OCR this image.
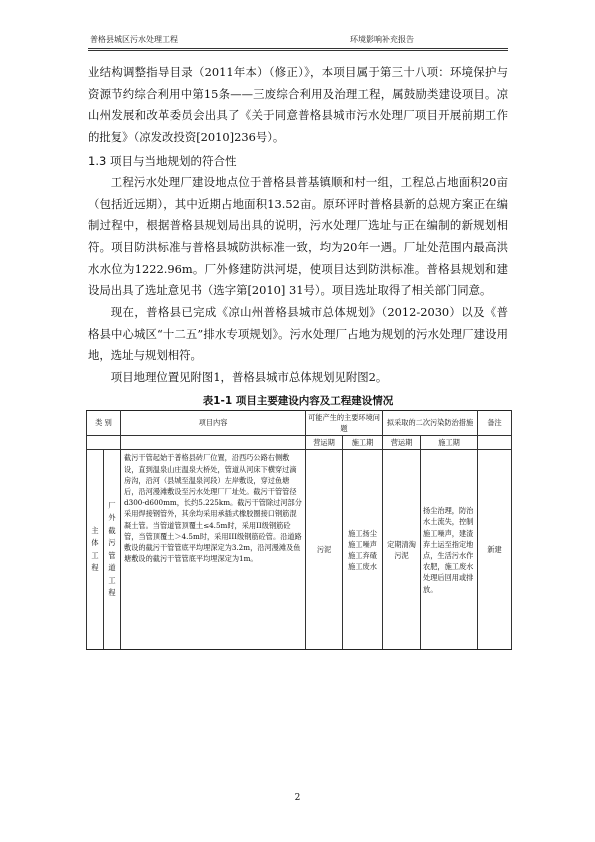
普格县城区污水处理工程	环境影响补充报告

业结构调整指导目录（2011年本）（修正）》，本项目属于第三十八项：环境保护与资源节约综合利用中第15条——三废综合利用及治理工程，属鼓励类建设项目。凉山州发展和改革委员会出具了《关于同意普格县城市污水处理厂项目开展前期工作的批复》（凉发改投资[2010]236号）。

1.3 项目与当地规划的符合性

工程污水处理厂建设地点位于普格县普基镇顺和村一组，工程总占地面积20亩（包括近远期），其中近期占地面积13.52亩。原环评时普格县新的总规方案正在编制过程中，根据普格县规划局出具的说明，污水处理厂选址与正在编制的新规划相符。项目防洪标准与普格县城防洪标准一致，均为20年一遇。厂址处范围内最高洪水水位为1222.96m。厂外修建防洪河堤，使项目达到防洪标准。普格县规划和建设局出具了选址意见书（选字第[2010] 31号）。项目选址取得了相关部门同意。

现在，普格县已完成《凉山州普格县城市总体规划》（2012-2030）以及《普格县中心城区“十二五”排水专项规划》。污水处理厂占地为规划的污水处理厂建设用地，选址与规划相符。

项目地理位置见附图1，普格县城市总体规划见附图2。

表1-1 项目主要建设内容及工程建设情况
类 别		项目内容	可能产生的主要环境问题		拟采取的二次污染防治措施		备注

			营运期	施工期	营运期	施工期	
主体工程	厂外截污管道工程	截污干管起始于普格县砖厂位置，沿西巧公路右侧敷设，直到温泉山庄温泉大桥处，管道从河床下横穿过滴房沟，沿河（县城至温泉河段）左岸敷设，穿过鱼塘后，沿河漫滩敷设至污水处理厂厂址处。截污干管管径d300-d600mm，长约5.225km。截污干管除过河部分采用焊接钢管外，其余均采用承插式橡胶圈接口钢筋混凝土管。当管道管顶覆土≤4.5m时，采用II级钢筋砼管，当管顶覆土＞4.5m时，采用III级钢筋砼管。沿道路敷设的截污干管管底平均埋深定为3.2m，沿河漫滩及鱼塘敷设的截污干管管底平均埋深定为1m。	污泥	施工扬尘施工噪声施工弃碴施工废水	定期清淘污泥	扬尘治理，防治水土流失，控制施工噪声，建渣弃土运至指定地点，生活污水作农肥，施工废水处理后回用或排放。	新建
2
